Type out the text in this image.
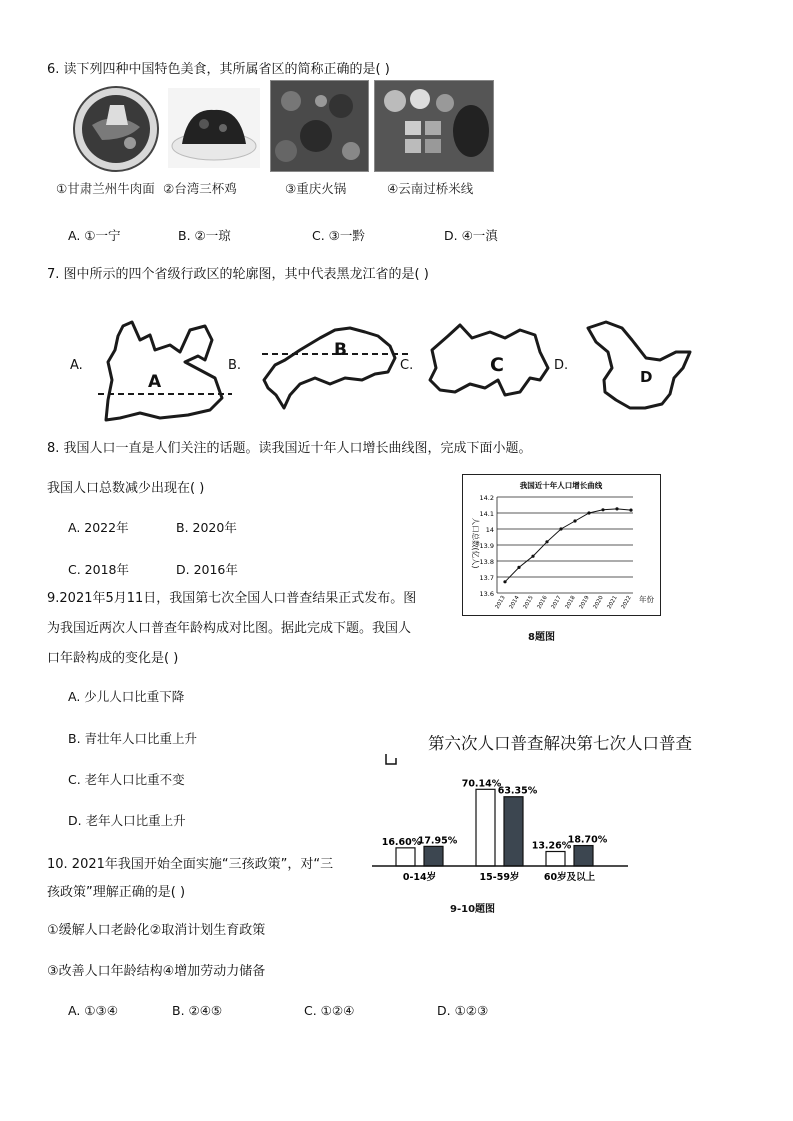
6. 读下列四种中国特色美食，其所属省区的简称正确的是( )
①甘肃兰州牛肉面 ②台湾三杯鸡	③重庆火锅	④云南过桥米线
A. ①一宁	B. ②一琼	C. ③一黔	D. ④一滇
7. 图中所示的四个省级行政区的轮廓图，其中代表黑龙江省的是( )
A.	B.	C.	D.
A
B
C
D
8. 我国人口一直是人们关注的话题。读我国近十年人口增长曲线图，完成下面小题。
我国人口总数减少出现在( )
A. 2022年	B. 2020年
C. 2018年	D. 2016年
我国近十年人口增长曲线
人口总数(亿人)
年份
13.6
13.7
13.8
13.9
14
14.1
14.2
2013 2014 2015 2016 2017 2018 2019 2020 2021 2022
8题图
9.2021年5月11日，我国第七次全国人口普查结果正式发布。图
为我国近两次人口普查年龄构成对比图。据此完成下题。我国人
口年龄构成的变化是( )
A. 少儿人口比重下降
B. 青壮年人口比重上升
C. 老年人口比重不变
D. 老年人口比重上升
第六次人口普查解决第七次人口普查
16.60%
70.14%
13.26%
17.95%
63.35%
18.70%
0-14岁	15-59岁	60岁及以上
9-10题图
10. 2021年我国开始全面实施“三孩政策”，对“三
孩政策”理解正确的是( )
①缓解人口老龄化②取消计划生育政策
③改善人口年龄结构④增加劳动力储备
A. ①③④	B. ②④⑤	C. ①②④	D. ①②③
